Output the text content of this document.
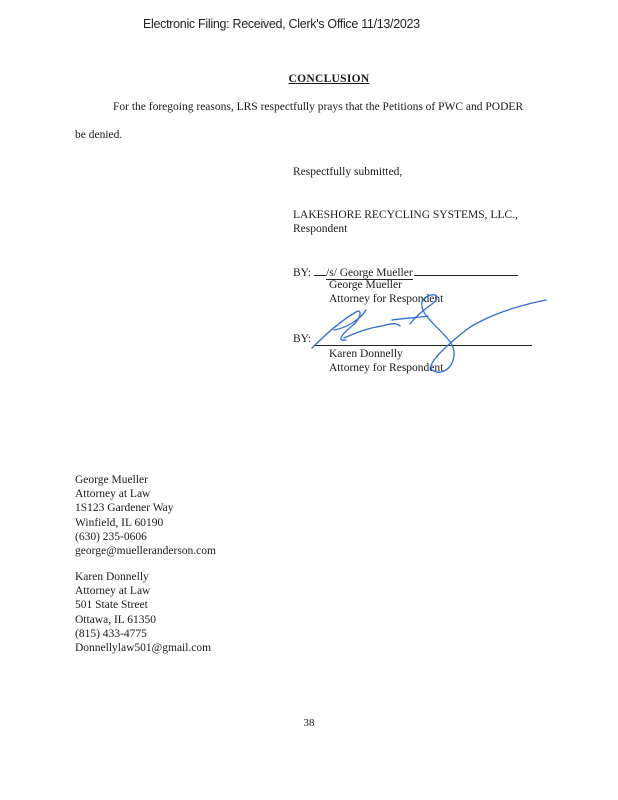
Electronic Filing: Received, Clerk's Office 11/13/2023
CONCLUSION
For the foregoing reasons, LRS respectfully prays that the Petitions of PWC and PODER
be denied.
Respectfully submitted,
LAKESHORE RECYCLING SYSTEMS, LLC.,
Respondent
BY: /s/ George Mueller
George Mueller
Attorney for Respondent
BY:
Karen Donnelly
Attorney for Respondent
George Mueller
Attorney at Law
1S123 Gardener Way
Winfield, IL 60190
(630) 235-0606
george@muelleranderson.com
Karen Donnelly
Attorney at Law
501 State Street
Ottawa, IL 61350
(815) 433-4775
Donnellylaw501@gmail.com
38
